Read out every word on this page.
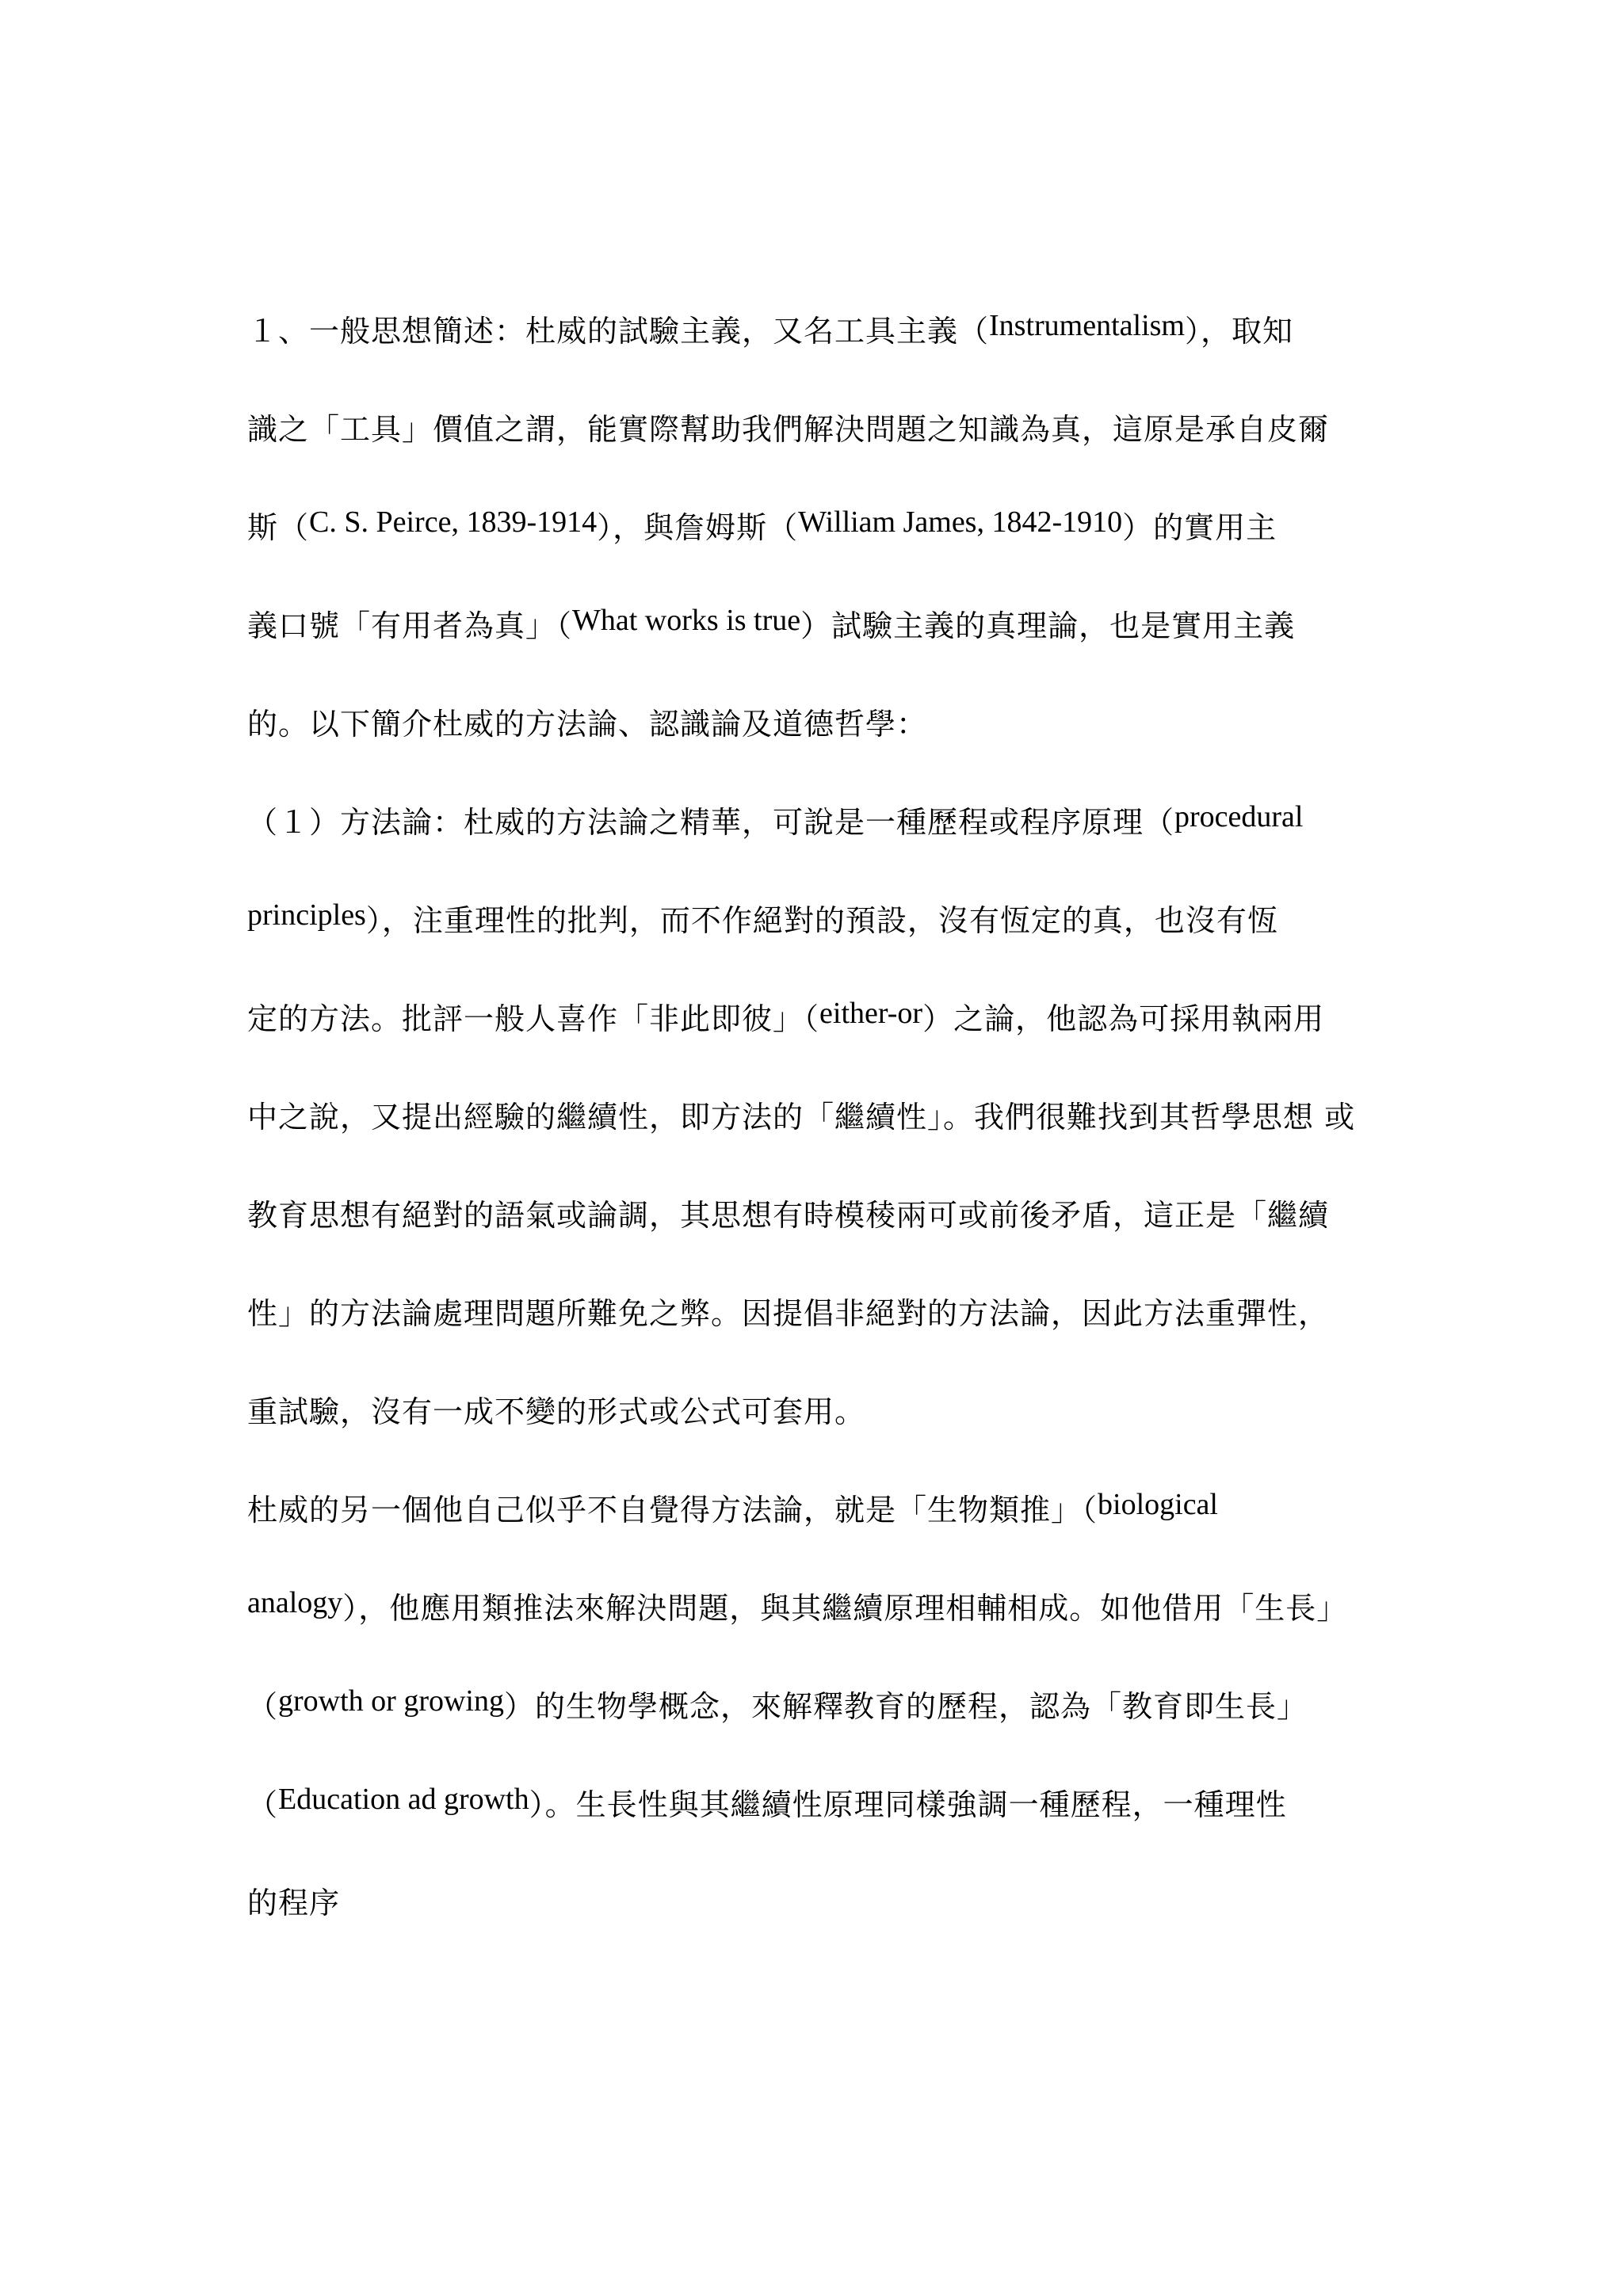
１、一般思想簡述：杜威的試驗主義，又名工具主義（Instrumentalism），取知
識之「工具」價值之謂，能實際幫助我們解決問題之知識為真，這原是承自皮爾
斯（C. S. Peirce, 1839-1914），與詹姆斯（William James, 1842-1910）的實用主
義口號「有用者為真」（What works is true）試驗主義的真理論，也是實用主義
的。以下簡介杜威的方法論、認識論及道德哲學：
（１）方法論：杜威的方法論之精華，可說是一種歷程或程序原理（procedural
principles），注重理性的批判，而不作絕對的預設，沒有恆定的真，也沒有恆
定的方法。批評一般人喜作「非此即彼」（either-or）之論，他認為可採用執兩用
中之說，又提出經驗的繼續性，即方法的「繼續性」。我們很難找到其哲學思想 或
教育思想有絕對的語氣或論調，其思想有時模稜兩可或前後矛盾，這正是「繼續
性」的方法論處理問題所難免之弊。因提倡非絕對的方法論，因此方法重彈性，
重試驗，沒有一成不變的形式或公式可套用。
杜威的另一個他自己似乎不自覺得方法論，就是「生物類推」（biological
analogy），他應用類推法來解決問題，與其繼續原理相輔相成。如他借用「生長」
（growth or growing）的生物學概念，來解釋教育的歷程，認為「教育即生長」
（Education ad growth）。生長性與其繼續性原理同樣強調一種歷程，一種理性
的程序
